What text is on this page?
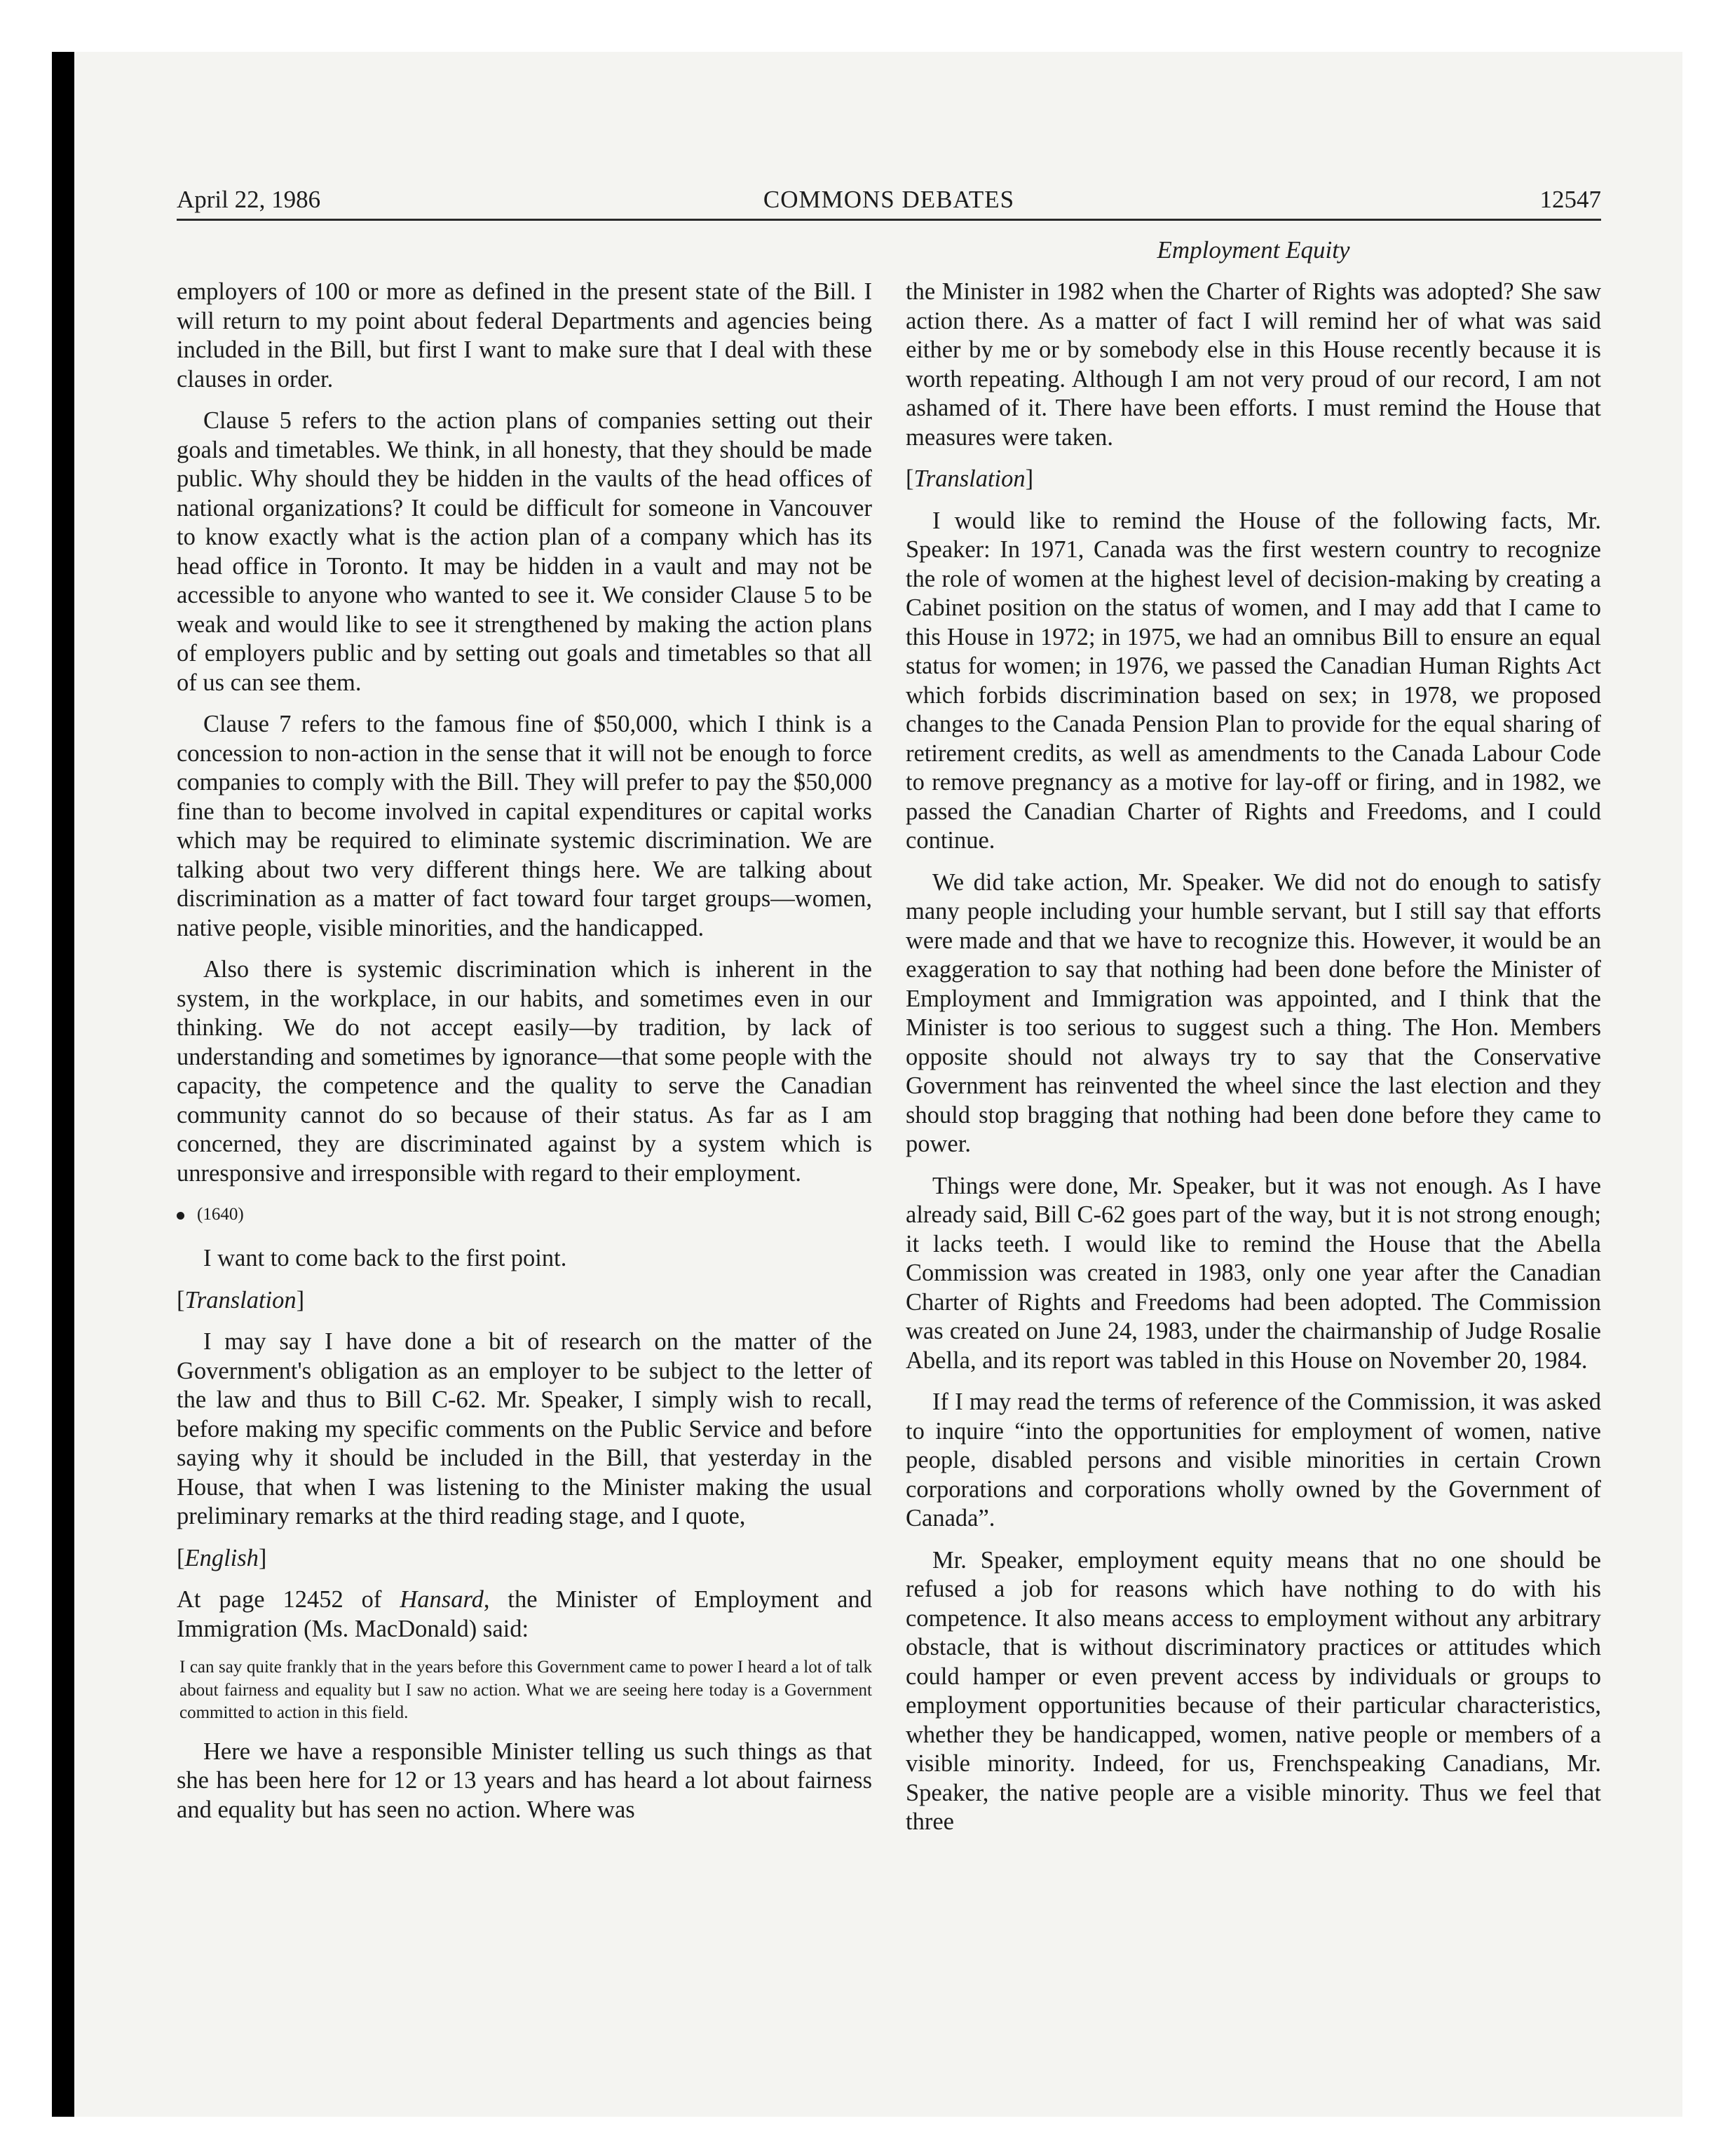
April 22, 1986	COMMONS DEBATES	12547
Employment Equity

employers of 100 or more as defined in the present state of the Bill. I will return to my point about federal Departments and agencies being included in the Bill, but first I want to make sure that I deal with these clauses in order.

Clause 5 refers to the action plans of companies setting out their goals and timetables. We think, in all honesty, that they should be made public. Why should they be hidden in the vaults of the head offices of national organizations? It could be difficult for someone in Vancouver to know exactly what is the action plan of a company which has its head office in Toronto. It may be hidden in a vault and may not be accessible to anyone who wanted to see it. We consider Clause 5 to be weak and would like to see it strengthened by making the action plans of employers public and by setting out goals and timetables so that all of us can see them.

Clause 7 refers to the famous fine of $50,000, which I think is a concession to non-action in the sense that it will not be enough to force companies to comply with the Bill. They will prefer to pay the $50,000 fine than to become involved in capital expenditures or capital works which may be required to eliminate systemic discrimination. We are talking about two very different things here. We are talking about discrimination as a matter of fact toward four target groups—women, native people, visible minorities, and the handicapped.

Also there is systemic discrimination which is inherent in the system, in the workplace, in our habits, and sometimes even in our thinking. We do not accept easily—by tradition, by lack of understanding and sometimes by ignorance—that some people with the capacity, the competence and the quality to serve the Canadian community cannot do so because of their status. As far as I am concerned, they are discriminated against by a system which is unresponsive and irresponsible with regard to their employment.

(1640)

I want to come back to the first point.

[Translation]

I may say I have done a bit of research on the matter of the Government's obligation as an employer to be subject to the letter of the law and thus to Bill C-62. Mr. Speaker, I simply wish to recall, before making my specific comments on the Public Service and before saying why it should be included in the Bill, that yesterday in the House, that when I was listening to the Minister making the usual preliminary remarks at the third reading stage, and I quote,

[English]

At page 12452 of Hansard, the Minister of Employment and Immigration (Ms. MacDonald) said:

I can say quite frankly that in the years before this Government came to power I heard a lot of talk about fairness and equality but I saw no action. What we are seeing here today is a Government committed to action in this field.

Here we have a responsible Minister telling us such things as that she has been here for 12 or 13 years and has heard a lot about fairness and equality but has seen no action. Where was

the Minister in 1982 when the Charter of Rights was adopted? She saw action there. As a matter of fact I will remind her of what was said either by me or by somebody else in this House recently because it is worth repeating. Although I am not very proud of our record, I am not ashamed of it. There have been efforts. I must remind the House that measures were taken.

[Translation]

I would like to remind the House of the following facts, Mr. Speaker: In 1971, Canada was the first western country to recognize the role of women at the highest level of decision-making by creating a Cabinet position on the status of women, and I may add that I came to this House in 1972; in 1975, we had an omnibus Bill to ensure an equal status for women; in 1976, we passed the Canadian Human Rights Act which forbids discrimination based on sex; in 1978, we proposed changes to the Canada Pension Plan to provide for the equal sharing of retirement credits, as well as amendments to the Canada Labour Code to remove pregnancy as a motive for lay-off or firing, and in 1982, we passed the Canadian Charter of Rights and Freedoms, and I could continue.

We did take action, Mr. Speaker. We did not do enough to satisfy many people including your humble servant, but I still say that efforts were made and that we have to recognize this. However, it would be an exaggeration to say that nothing had been done before the Minister of Employment and Immigration was appointed, and I think that the Minister is too serious to suggest such a thing. The Hon. Members opposite should not always try to say that the Conservative Government has reinvented the wheel since the last election and they should stop bragging that nothing had been done before they came to power.

Things were done, Mr. Speaker, but it was not enough. As I have already said, Bill C-62 goes part of the way, but it is not strong enough; it lacks teeth. I would like to remind the House that the Abella Commission was created in 1983, only one year after the Canadian Charter of Rights and Freedoms had been adopted. The Commission was created on June 24, 1983, under the chairmanship of Judge Rosalie Abella, and its report was tabled in this House on November 20, 1984.

If I may read the terms of reference of the Commission, it was asked to inquire “into the opportunities for employment of women, native people, disabled persons and visible minorities in certain Crown corporations and corporations wholly owned by the Government of Canada”.

Mr. Speaker, employment equity means that no one should be refused a job for reasons which have nothing to do with his competence. It also means access to employment without any arbitrary obstacle, that is without discriminatory practices or attitudes which could hamper or even prevent access by individuals or groups to employment opportunities because of their particular characteristics, whether they be handicapped, women, native people or members of a visible minority. Indeed, for us, Frenchspeaking Canadians, Mr. Speaker, the native people are a visible minority. Thus we feel that three
